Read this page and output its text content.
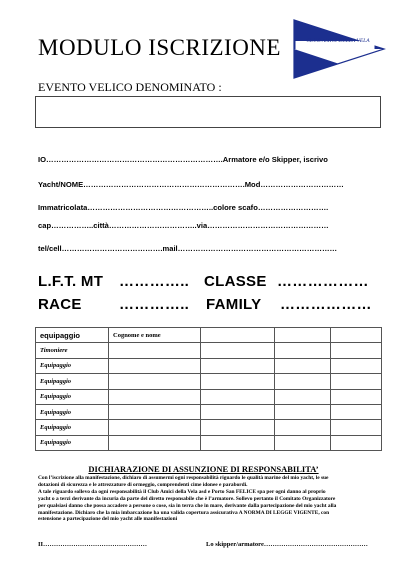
MODULO ISCRIZIONE	CLUB AMICI DELLA VELA
EVENTO VELICO DENOMINATO :
IO…………………………………………………………….Armatore e/o Skipper, iscrivo
Yacht/NOME……………………………………………………….Mod……………………………
Immatricolata…………………………………………..colore scafo……………………….
cap……………..città……………………………..via…………………………………………
tel/cell………………………………….mail………………………………………………………
L.F.T. MT ………….. CLASSE ………………
RACE ………….. FAMILY ………………
equipaggio	Cognome e nome			
Timoniere				
Equipaggio				
Equipaggio				
Equipaggio				
Equipaggio				
Equipaggio				
Equipaggio				
DICHIARAZIONE DI ASSUNZIONE DI RESPONSABILITA’

Con l’iscrizione alla manifestazione, dichiaro di assumermi ogni responsabilità riguardo le qualità marine del mio yacht, le sue

dotazioni di sicurezza e le attrezzature di ormeggio, comprendenti cime idonee e parabordi.

A tale riguardo sollevo da ogni responsabilità il Club Amici della Vela asd e Porto San FELICE spa per ogni danno al proprio

yacht o a terzi derivante da incuria da parte del diretto responsabile che è l’armatore. Sollevo pertanto il Comitato Organizzatore

per qualsiasi danno che possa accadere a persone o cose, sia in terra che in mare, derivante dalla partecipazione del mio yacht alla

manifestazione. Dichiaro che la mia imbarcazione ha una valida copertura assicurativa A NORMA DI LEGGE VIGENTE, con

estensione a partecipazione del mio yacht alle manifestazioni

II…………………………………………	Lo skipper/armatore…………………………………………
